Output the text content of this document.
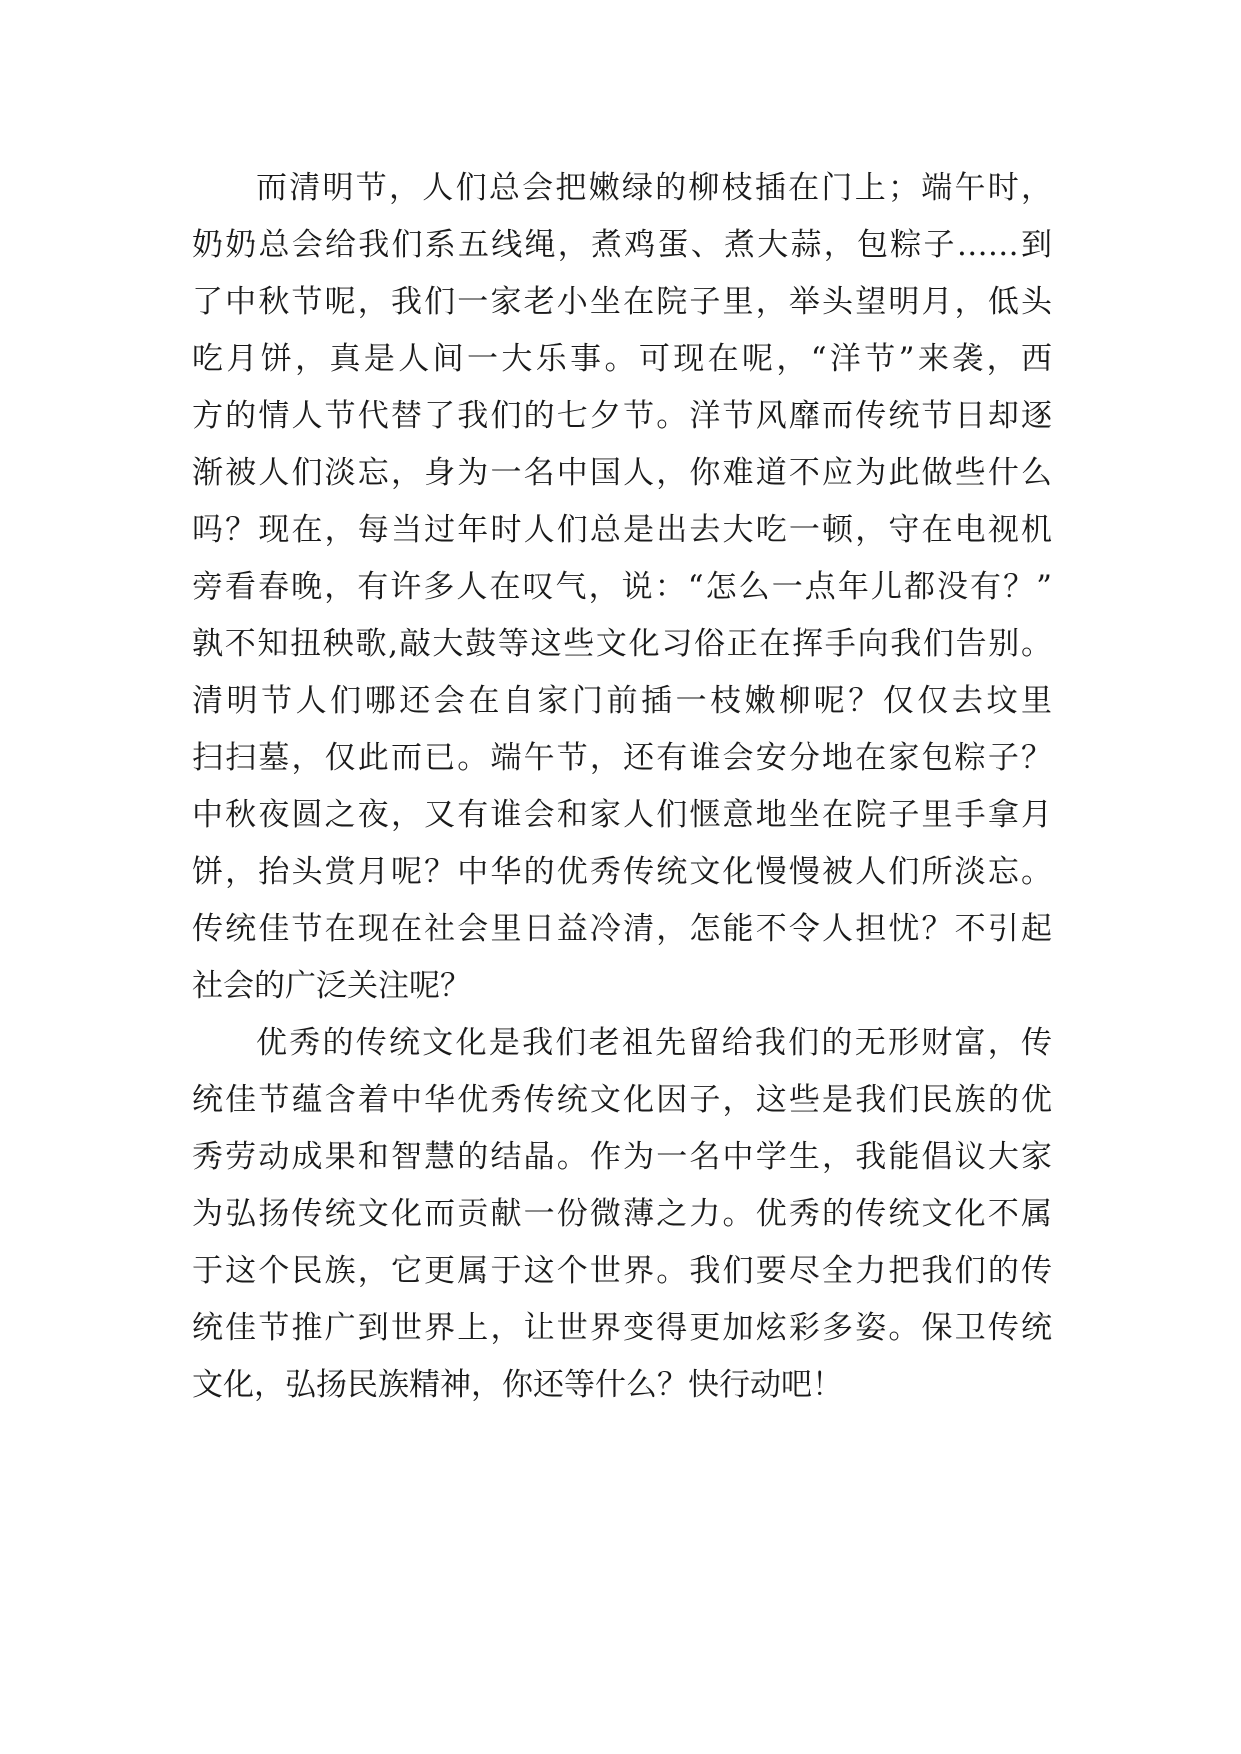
而清明节，人们总会把嫩绿的柳枝插在门上；端午时，
奶奶总会给我们系五线绳，煮鸡蛋、煮大蒜，包粽子……到
了中秋节呢，我们一家老小坐在院子里，举头望明月，低头
吃月饼，真是人间一大乐事。可现在呢，“洋节”来袭，西
方的情人节代替了我们的七夕节。洋节风靡而传统节日却逐
渐被人们淡忘，身为一名中国人，你难道不应为此做些什么
吗？现在，每当过年时人们总是出去大吃一顿，守在电视机
旁看春晚，有许多人在叹气，说：“怎么一点年儿都没有？”
孰不知扭秧歌,敲大鼓等这些文化习俗正在挥手向我们告别。
清明节人们哪还会在自家门前插一枝嫩柳呢？仅仅去坟里
扫扫墓，仅此而已。端午节，还有谁会安分地在家包粽子？
中秋夜圆之夜，又有谁会和家人们惬意地坐在院子里手拿月
饼，抬头赏月呢？中华的优秀传统文化慢慢被人们所淡忘。
传统佳节在现在社会里日益冷清，怎能不令人担忧？不引起
社会的广泛关注呢？
优秀的传统文化是我们老祖先留给我们的无形财富，传
统佳节蕴含着中华优秀传统文化因子，这些是我们民族的优
秀劳动成果和智慧的结晶。作为一名中学生，我能倡议大家
为弘扬传统文化而贡献一份微薄之力。优秀的传统文化不属
于这个民族，它更属于这个世界。我们要尽全力把我们的传
统佳节推广到世界上，让世界变得更加炫彩多姿。保卫传统
文化，弘扬民族精神，你还等什么？快行动吧！
